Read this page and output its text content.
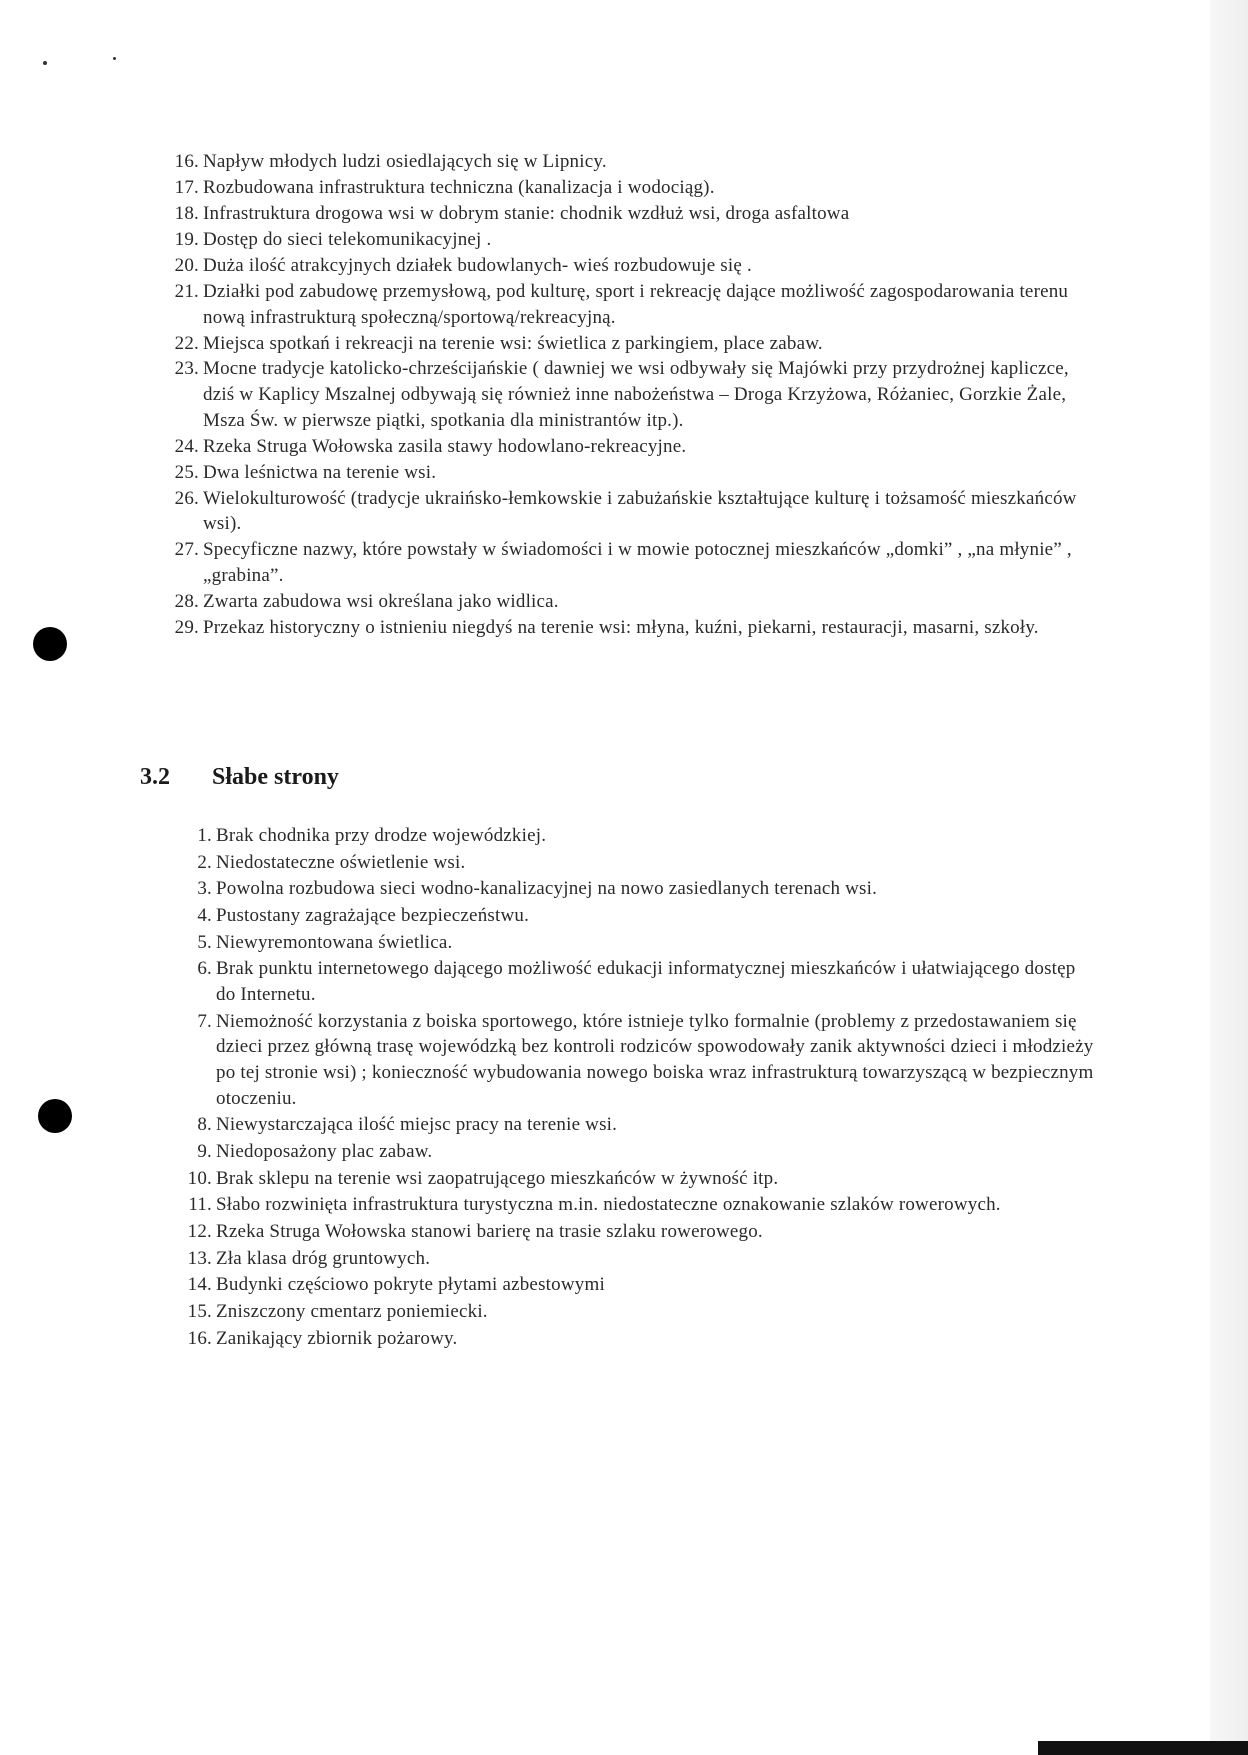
16. Napływ młodych ludzi osiedlających się w Lipnicy.
17. Rozbudowana infrastruktura techniczna (kanalizacja i wodociąg).
18. Infrastruktura drogowa wsi w dobrym stanie: chodnik wzdłuż wsi, droga asfaltowa
19. Dostęp do sieci telekomunikacyjnej .
20. Duża ilość atrakcyjnych działek budowlanych- wieś rozbudowuje się .
21. Działki pod zabudowę przemysłową, pod kulturę, sport i rekreację dające możliwość zagospodarowania terenu nową infrastrukturą społeczną/sportową/rekreacyjną.
22. Miejsca spotkań i rekreacji na terenie wsi: świetlica z parkingiem, place zabaw.
23. Mocne tradycje katolicko-chrześcijańskie ( dawniej we wsi odbywały się Majówki przy przydrożnej kapliczce, dziś w Kaplicy Mszalnej odbywają się również inne nabożeństwa – Droga Krzyżowa, Różaniec, Gorzkie Żale, Msza Św. w pierwsze piątki, spotkania dla ministrantów itp.).
24. Rzeka Struga Wołowska zasila stawy hodowlano-rekreacyjne.
25. Dwa leśnictwa na terenie wsi.
26. Wielokulturowość (tradycje ukraińsko-łemkowskie i zabużańskie kształtujące kulturę i tożsamość mieszkańców wsi).
27. Specyficzne nazwy, które powstały w świadomości i w mowie potocznej mieszkańców „domki” , „na młynie” , „grabina”.
28. Zwarta zabudowa wsi określana jako widlica.
29. Przekaz historyczny o istnieniu niegdyś na terenie wsi: młyna, kuźni, piekarni, restauracji, masarni, szkoły.
3.2 Słabe strony
1. Brak chodnika przy drodze wojewódzkiej.
2. Niedostateczne oświetlenie wsi.
3. Powolna rozbudowa sieci wodno-kanalizacyjnej na nowo zasiedlanych terenach wsi.
4. Pustostany zagrażające bezpieczeństwu.
5. Niewyremontowana świetlica.
6. Brak punktu internetowego dającego możliwość edukacji informatycznej mieszkańców i ułatwiającego dostęp do Internetu.
7. Niemożność korzystania z boiska sportowego, które istnieje tylko formalnie (problemy z przedostawaniem się dzieci przez główną trasę wojewódzką bez kontroli rodziców spowodowały zanik aktywności dzieci i młodzieży po tej stronie wsi) ; konieczność wybudowania nowego boiska wraz infrastrukturą towarzyszącą w bezpiecznym otoczeniu.
8. Niewystarczająca ilość miejsc pracy na terenie wsi.
9. Niedoposażony plac zabaw.
10. Brak sklepu na terenie wsi zaopatrującego mieszkańców w żywność itp.
11. Słabo rozwinięta infrastruktura turystyczna m.in. niedostateczne oznakowanie szlaków rowerowych.
12. Rzeka Struga Wołowska stanowi barierę na trasie szlaku rowerowego.
13. Zła klasa dróg gruntowych.
14. Budynki częściowo pokryte płytami azbestowymi
15. Zniszczony cmentarz poniemiecki.
16. Zanikający zbiornik pożarowy.
